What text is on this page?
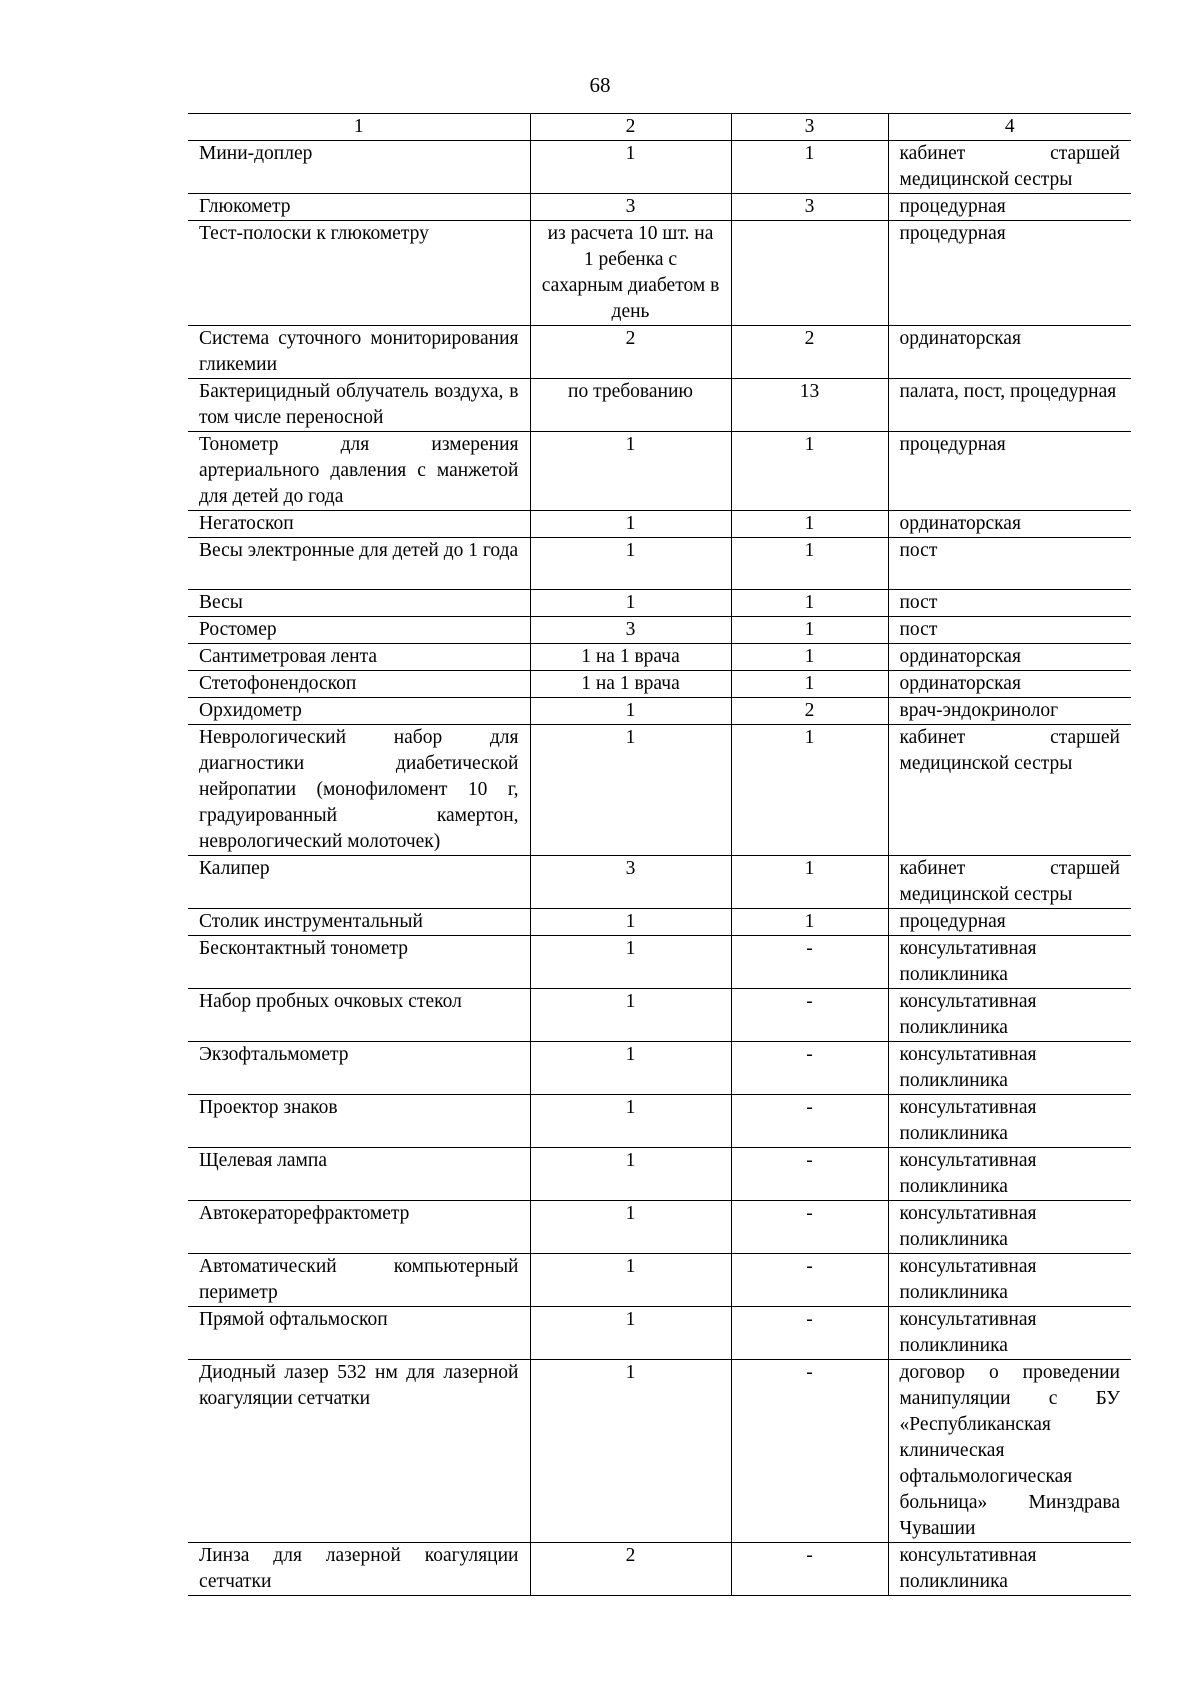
68
1	2	3	4
Мини-доплер	1	1	кабинет старшей медицинской сестры
Глюкометр	3	3	процедурная
Тест-полоски к глюкометру	из расчета 10 шт. на 1 ребенка с сахарным диабетом в день		процедурная
Система суточного мониторирования гликемии	2	2	ординаторская
Бактерицидный облучатель воздуха, в том числе переносной	по требованию	13	палата, пост, процедурная
Тонометр для измерения артериального давления с манжетой для детей до года	1	1	процедурная
Негатоскоп	1	1	ординаторская
Весы электронные для детей до 1 года	1	1	пост
Весы	1	1	пост
Ростомер	3	1	пост
Сантиметровая лента	1 на 1 врача	1	ординаторская
Стетофонендоскоп	1 на 1 врача	1	ординаторская
Орхидометр	1	2	врач-эндокринолог
Неврологический набор для диагностики диабетической нейропатии (монофиломент 10 г, градуированный камертон, неврологический молоточек)	1	1	кабинет старшей медицинской сестры
Калипер	3	1	кабинет старшей медицинской сестры
Столик инструментальный	1	1	процедурная
Бесконтактный тонометр	1	-	консультативная поликлиника
Набор пробных очковых стекол	1	-	консультативная поликлиника
Экзофтальмометр	1	-	консультативная поликлиника
Проектор знаков	1	-	консультативная поликлиника
Щелевая лампа	1	-	консультативная поликлиника
Автокераторефрактометр	1	-	консультативная поликлиника
Автоматический компьютерный периметр	1	-	консультативная поликлиника
Прямой офтальмоскоп	1	-	консультативная поликлиника
Диодный лазер 532 нм для лазерной коагуляции сетчатки	1	-	договор о проведении манипуляции с БУ «Республиканская клиническая офтальмологическая больница» Минздрава Чувашии
Линза для лазерной коагуляции сетчатки	2	-	консультативная поликлиника
